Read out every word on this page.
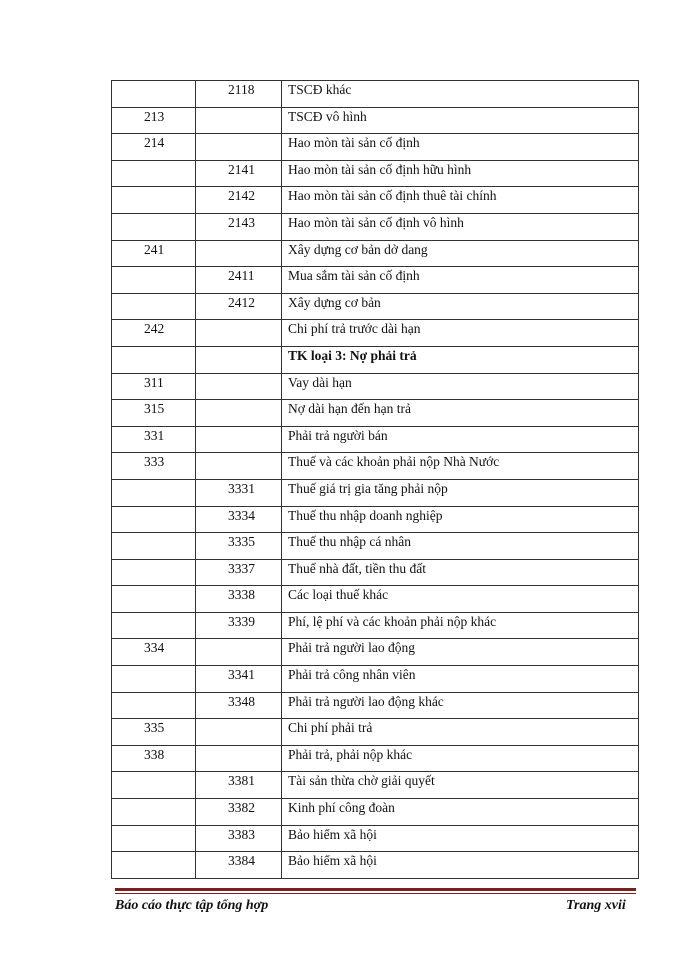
	2118	TSCĐ khác
213		TSCĐ vô hình
214		Hao mòn tài sản cố định
	2141	Hao mòn tài sản cố định hữu hình
	2142	Hao mòn tài sản cố định thuê tài chính
	2143	Hao mòn tài sản cố định vô hình
241		Xây dựng cơ bản dở dang
	2411	Mua sắm tài sản cố định
	2412	Xây dựng cơ bản
242		Chi phí trả trước dài hạn
		TK loại 3: Nợ phải trả
311		Vay dài hạn
315		Nợ dài hạn đến hạn trả
331		Phải trả người bán
333		Thuế và các khoản phải nộp Nhà Nước
	3331	Thuế giá trị gia tăng phải nộp
	3334	Thuế thu nhập doanh nghiệp
	3335	Thuế thu nhập cá nhân
	3337	Thuế nhà đất, tiền thu đất
	3338	Các loại thuế khác
	3339	Phí, lệ phí và các khoản phải nộp khác
334		Phải trả người lao động
	3341	Phải trả công nhân viên
	3348	Phải trả người lao động khác
335		Chi phí phải trả
338		Phải trả, phải nộp khác
	3381	Tài sản thừa chờ giải quyết
	3382	Kinh phí công đoàn
	3383	Bảo hiểm xã hội
	3384	Bảo hiểm xã hội
Báo cáo thực tập tổng hợp	Trang xvii
